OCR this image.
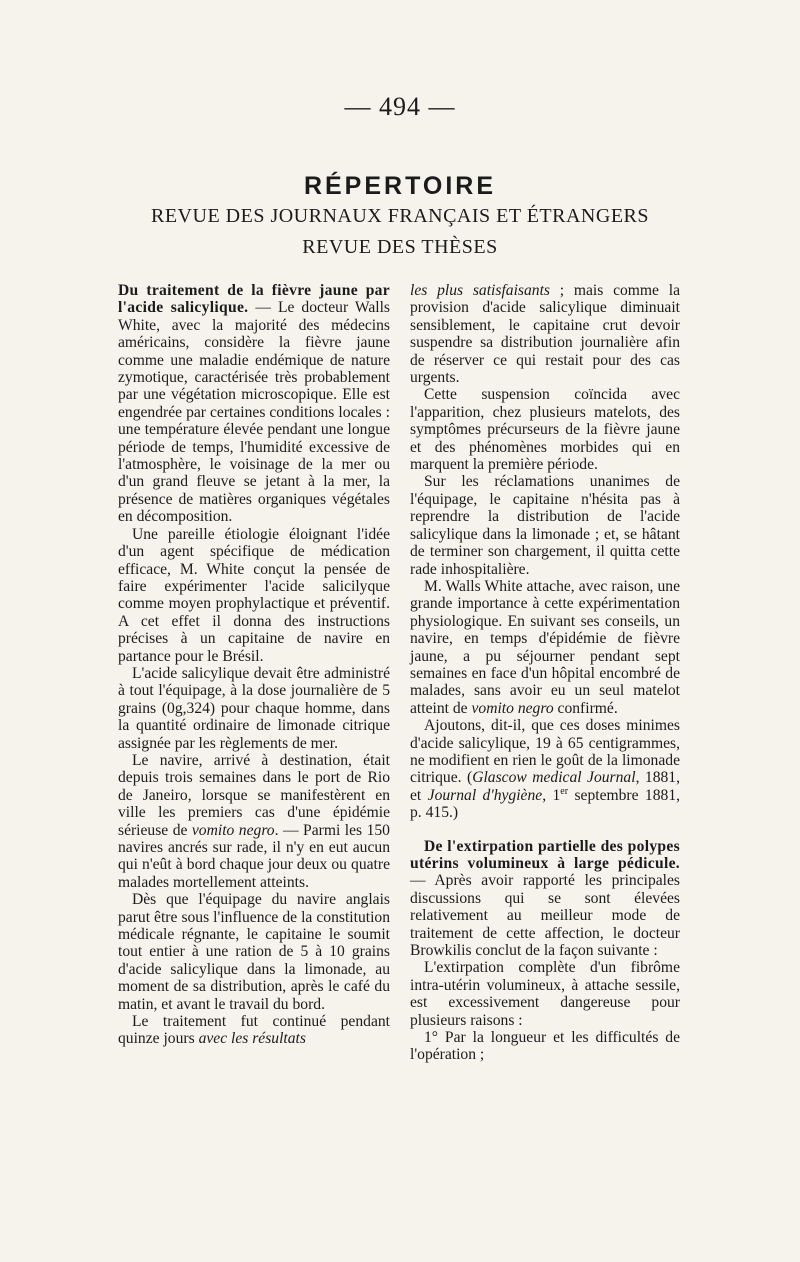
— 494 —
RÉPERTOIRE
REVUE DES JOURNAUX FRANÇAIS ET ÉTRANGERS
REVUE DES THÈSES

Du traitement de la fièvre jaune par l'acide salicylique. — Le docteur Walls White, avec la majorité des médecins américains, considère la fièvre jaune comme une maladie endémique de nature zymotique, caractérisée très probablement par une végétation microscopique. Elle est engendrée par certaines conditions locales : une température élevée pendant une longue période de temps, l'humidité excessive de l'atmosphère, le voisinage de la mer ou d'un grand fleuve se jetant à la mer, la présence de matières organiques végétales en décomposition.

Une pareille étiologie éloignant l'idée d'un agent spécifique de médication efficace, M. White conçut la pensée de faire expérimenter l'acide salicilyque comme moyen prophylactique et préventif. A cet effet il donna des instructions précises à un capitaine de navire en partance pour le Brésil.

L'acide salicylique devait être administré à tout l'équipage, à la dose journalière de 5 grains (0g,324) pour chaque homme, dans la quantité ordinaire de limonade citrique assignée par les règlements de mer.

Le navire, arrivé à destination, était depuis trois semaines dans le port de Rio de Janeiro, lorsque se manifestèrent en ville les premiers cas d'une épidémie sérieuse de vomito negro. — Parmi les 150 navires ancrés sur rade, il n'y en eut aucun qui n'eût à bord chaque jour deux ou quatre malades mortellement atteints.

Dès que l'équipage du navire anglais parut être sous l'influence de la constitution médicale régnante, le capitaine le soumit tout entier à une ration de 5 à 10 grains d'acide salicylique dans la limonade, au moment de sa distribution, après le café du matin, et avant le travail du bord.

Le traitement fut continué pendant quinze jours avec les résultats

les plus satisfaisants ; mais comme la provision d'acide salicylique diminuait sensiblement, le capitaine crut devoir suspendre sa distribution journalière afin de réserver ce qui restait pour des cas urgents.

Cette suspension coïncida avec l'apparition, chez plusieurs matelots, des symptômes précurseurs de la fièvre jaune et des phénomènes morbides qui en marquent la première période.

Sur les réclamations unanimes de l'équipage, le capitaine n'hésita pas à reprendre la distribution de l'acide salicylique dans la limonade ; et, se hâtant de terminer son chargement, il quitta cette rade inhospitalière.

M. Walls White attache, avec raison, une grande importance à cette expérimentation physiologique. En suivant ses conseils, un navire, en temps d'épidémie de fièvre jaune, a pu séjourner pendant sept semaines en face d'un hôpital encombré de malades, sans avoir eu un seul matelot atteint de vomito negro confirmé.

Ajoutons, dit-il, que ces doses minimes d'acide salicylique, 19 à 65 centigrammes, ne modifient en rien le goût de la limonade citrique. (Glascow medical Journal, 1881, et Journal d'hygiène, 1er septembre 1881, p. 415.)

De l'extirpation partielle des polypes utérins volumineux à large pédicule. — Après avoir rapporté les principales discussions qui se sont élevées relativement au meilleur mode de traitement de cette affection, le docteur Browkilis conclut de la façon suivante :

L'extirpation complète d'un fibrôme intra-utérin volumineux, à attache sessile, est excessivement dangereuse pour plusieurs raisons :

1° Par la longueur et les difficultés de l'opération ;
